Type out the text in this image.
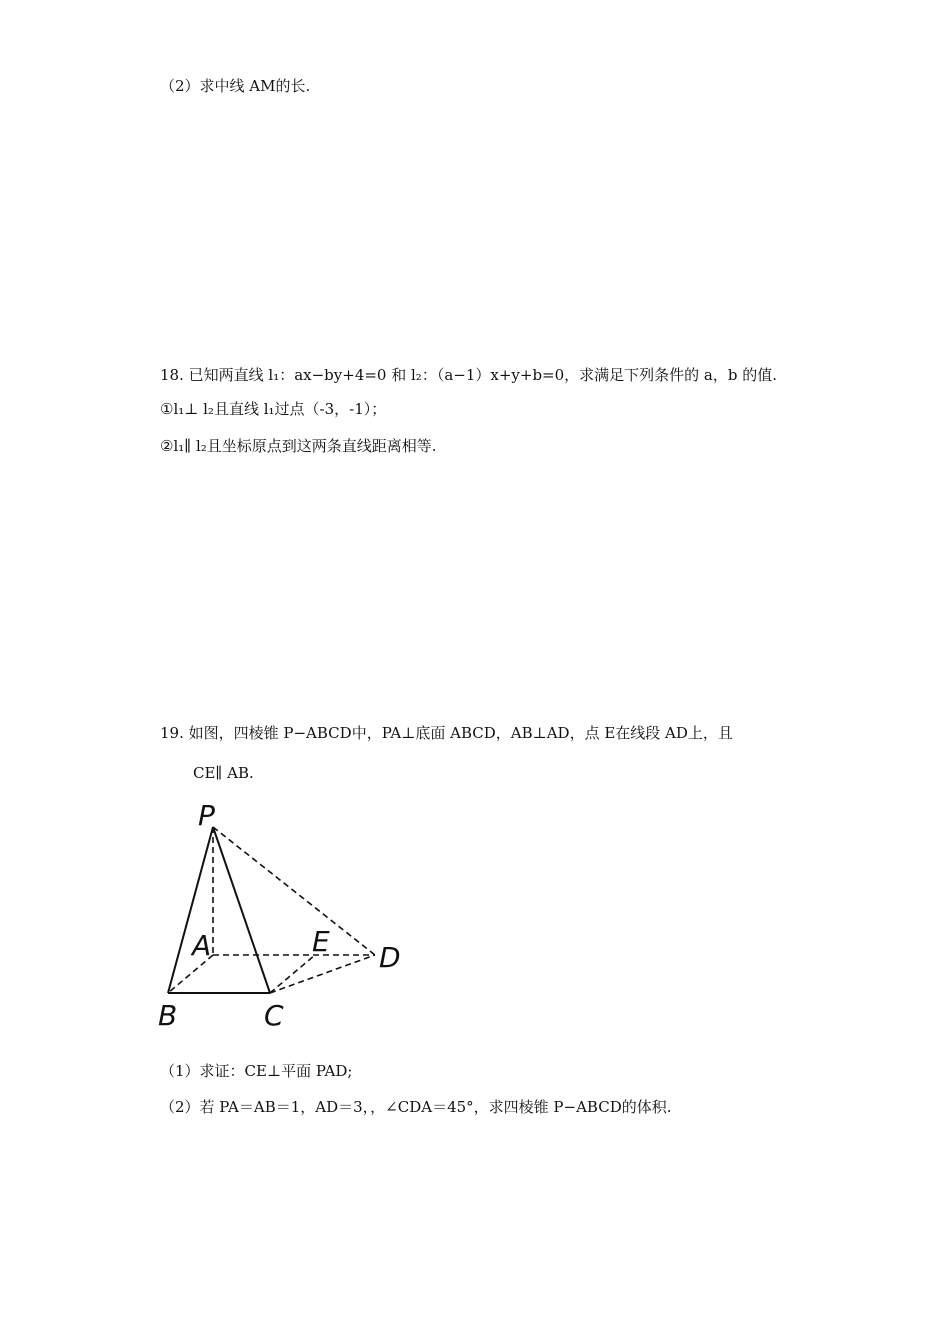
（2）求中线 AM的长.
18. 已知两直线 l₁：ax−by+4=0 和 l₂：（a−1）x+y+b=0，求满足下列条件的 a，b 的值.
①l₁⊥ l₂且直线 l₁过点（-3，-1）；
②l₁∥ l₂且坐标原点到这两条直线距离相等.
19. 如图，四棱锥 P−ABCD中，PA⊥底面 ABCD，AB⊥AD，点 E在线段 AD上，且
CE∥ AB.
P
A	E D
B	C
（1）求证：CE⊥平面 PAD;
（2）若 PA＝AB＝1，AD＝3，，∠CDA＝45°，求四棱锥 P−ABCD的体积.
